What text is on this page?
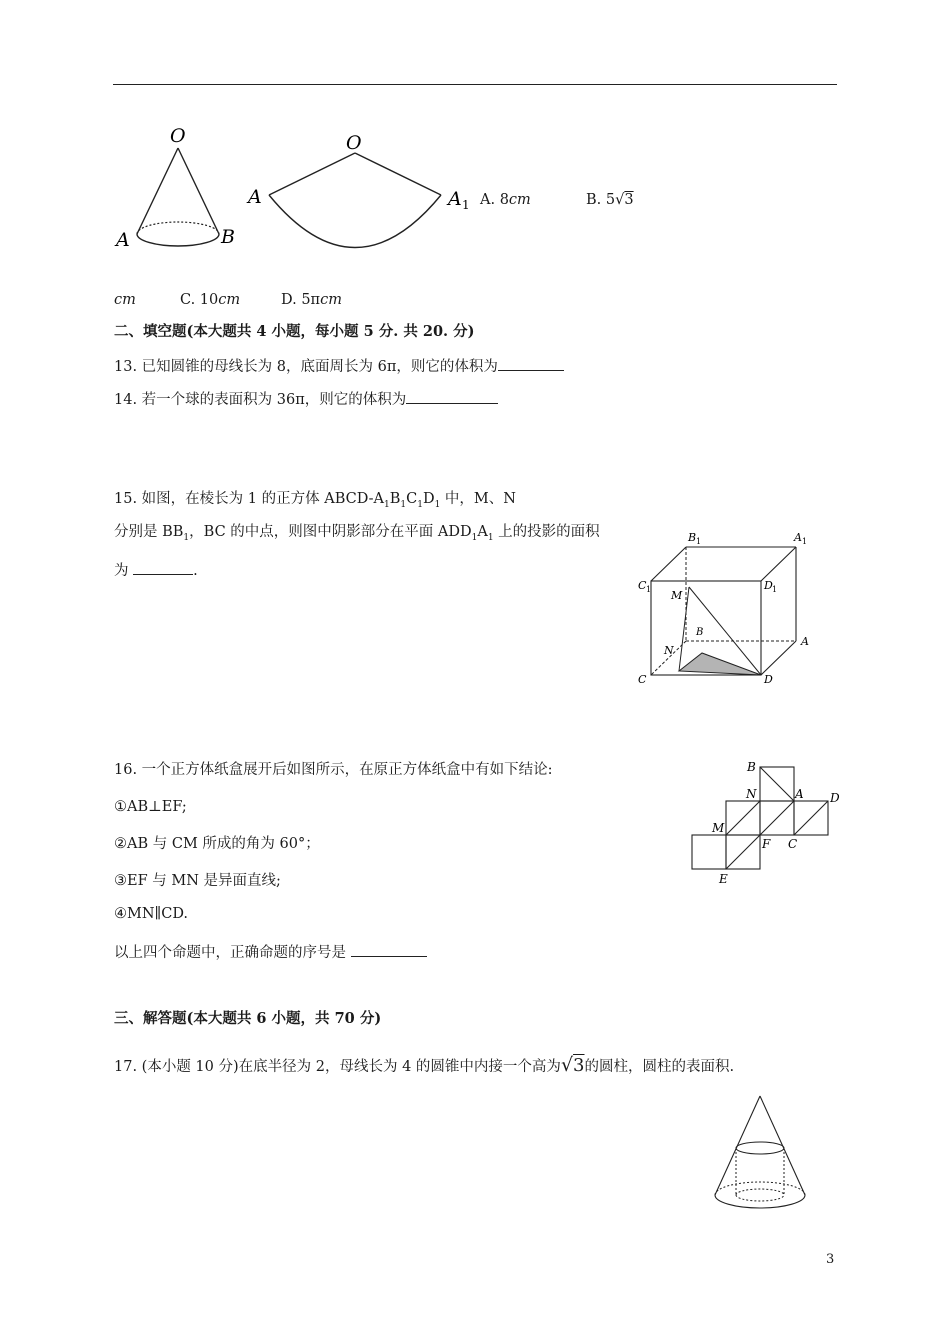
O
A	B
O
A	A 1 A. 8cm	B. 5√3
cm	C. 10cm	D. 5πcm
二、填空题(本大题共 4 小题，每小题 5 分. 共 20. 分)
13. 已知圆锥的母线长为 8，底面周长为 6π，则它的体积为
14. 若一个球的表面积为 36π，则它的体积为
15. 如图，在棱长为 1 的正方体 ABCD-$A_1B_1C_1D_1$ 中，M、N
分别是 $BB_1$，BC 的中点，则图中阴影部分在平面 $ADD_1A_1$ 上的投影的面积
为	.
B 1	A 1
C 1	D 1
M
B
A
N
C	D
16. 一个正方体纸盒展开后如图所示，在原正方体纸盒中有如下结论:
①AB⊥EF;
②AB 与 CM 所成的角为 60°；
③EF 与 MN 是异面直线;
④MN∥CD.
以上四个命题中，正确命题的序号是
B
N	A D
M
F C
E
三、解答题(本大题共 6 小题，共 70 分)
17. (本小题 10 分)在底半径为 2，母线长为 4 的圆锥中内接一个高为√3的圆柱，圆柱的表面积.
3
